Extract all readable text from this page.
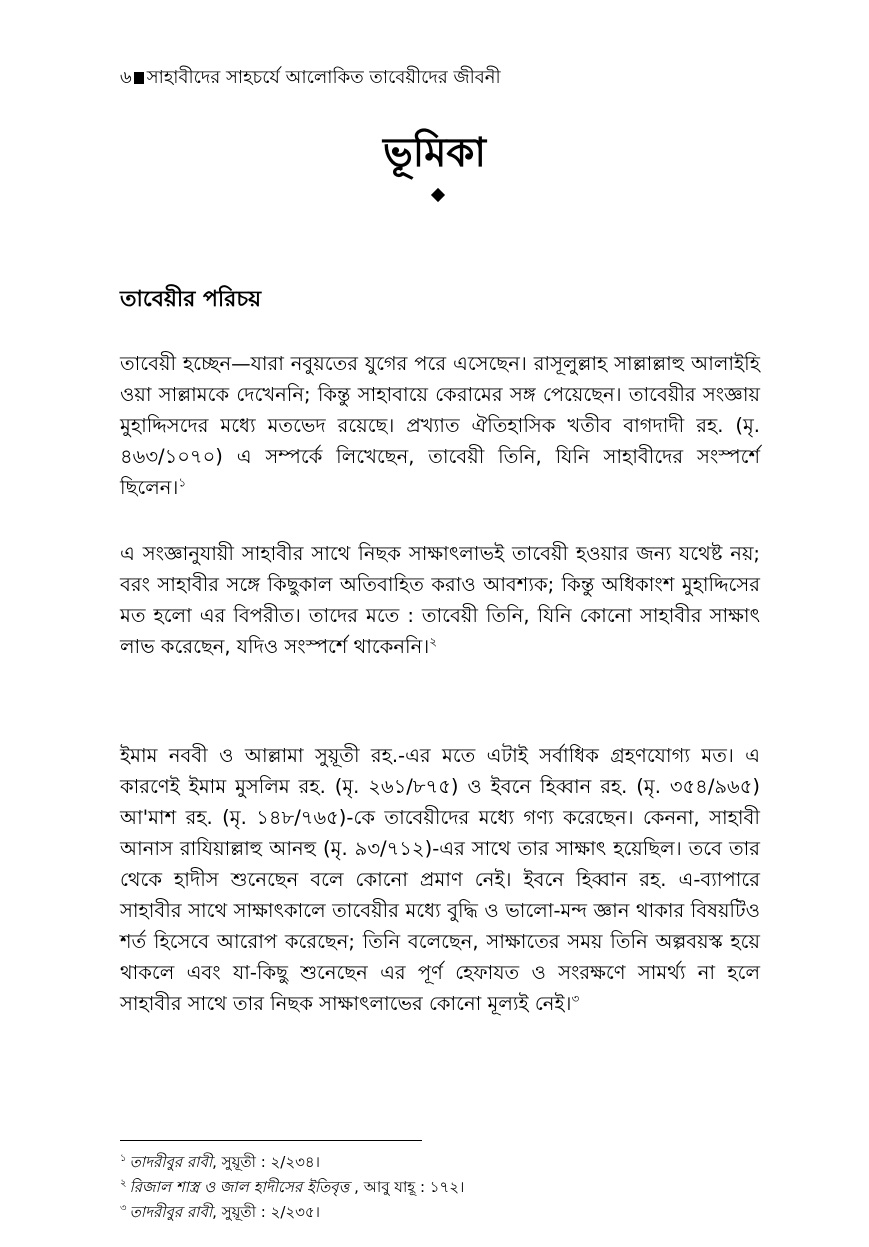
৬ সাহাবীদের সাহচর্যে আলোকিত তাবেয়ীদের জীবনী
ভূমিকা
তাবেয়ীর পরিচয়
তাবেয়ী হচ্ছেন—যারা নবুয়তের যুগের পরে এসেছেন। রাসূলুল্লাহ সাল্লাল্লাহু আলাইহি ওয়া সাল্লামকে দেখেননি; কিন্তু সাহাবায়ে কেরামের সঙ্গ পেয়েছেন। তাবেয়ীর সংজ্ঞায় মুহাদ্দিসদের মধ্যে মতভেদ রয়েছে। প্রখ্যাত ঐতিহাসিক খতীব বাগদাদী রহ. (মৃ. ৪৬৩/১০৭০) এ সম্পর্কে লিখেছেন, তাবেয়ী তিনি, যিনি সাহাবীদের সংস্পর্শে ছিলেন।$^১$
এ সংজ্ঞানুযায়ী সাহাবীর সাথে নিছক সাক্ষাৎলাভই তাবেয়ী হওয়ার জন্য যথেষ্ট নয়; বরং সাহাবীর সঙ্গে কিছুকাল অতিবাহিত করাও আবশ্যক; কিন্তু অধিকাংশ মুহাদ্দিসের মত হলো এর বিপরীত। তাদের মতে : তাবেয়ী তিনি, যিনি কোনো সাহাবীর সাক্ষাৎ লাভ করেছেন, যদিও সংস্পর্শে থাকেননি।$^২$
ইমাম নববী ও আল্লামা সুয়ূতী রহ.-এর মতে এটাই সর্বাধিক গ্রহণযোগ্য মত। এ কারণেই ইমাম মুসলিম রহ. (মৃ. ২৬১/৮৭৫) ও ইবনে হিব্বান রহ. (মৃ. ৩৫৪/৯৬৫) আ'মাশ রহ. (মৃ. ১৪৮/৭৬৫)-কে তাবেয়ীদের মধ্যে গণ্য করেছেন। কেননা, সাহাবী আনাস রাযিয়াল্লাহু আনহু (মৃ. ৯৩/৭১২)-এর সাথে তার সাক্ষাৎ হয়েছিল। তবে তার থেকে হাদীস শুনেছেন বলে কোনো প্রমাণ নেই। ইবনে হিব্বান রহ. এ-ব্যাপারে সাহাবীর সাথে সাক্ষাৎকালে তাবেয়ীর মধ্যে বুদ্ধি ও ভালো-মন্দ জ্ঞান থাকার বিষয়টিও শর্ত হিসেবে আরোপ করেছেন; তিনি বলেছেন, সাক্ষাতের সময় তিনি অল্পবয়স্ক হয়ে থাকলে এবং যা-কিছু শুনেছেন এর পূর্ণ হেফাযত ও সংরক্ষণে সামর্থ্য না হলে সাহাবীর সাথে তার নিছক সাক্ষাৎলাভের কোনো মূল্যই নেই।$^৩$
$^১$ তাদরীবুর রাবী, সুয়ূতী : ২/২৩৪।
$^২$ রিজাল শাস্ত্র ও জাল হাদীসের ইতিবৃত্ত , আবু যাহূ : ১৭২।
$^৩$ তাদরীবুর রাবী, সুয়ূতী : ২/২৩৫।
